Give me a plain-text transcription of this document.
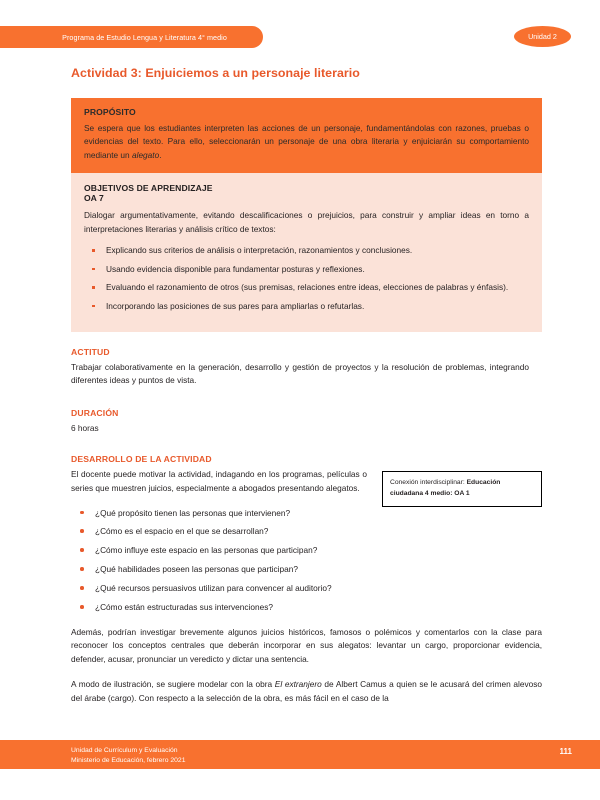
Programa de Estudio Lengua y Literatura 4° medio	Unidad 2
Actividad 3: Enjuiciemos a un personaje literario
PROPÓSITO
Se espera que los estudiantes interpreten las acciones de un personaje, fundamentándolas con razones, pruebas o evidencias del texto. Para ello, seleccionarán un personaje de una obra literaria y enjuiciarán su comportamiento mediante un alegato.
OBJETIVOS DE APRENDIZAJE
OA 7
Dialogar argumentativamente, evitando descalificaciones o prejuicios, para construir y ampliar ideas en torno a interpretaciones literarias y análisis crítico de textos:
Explicando sus criterios de análisis o interpretación, razonamientos y conclusiones.
Usando evidencia disponible para fundamentar posturas y reflexiones.
Evaluando el razonamiento de otros (sus premisas, relaciones entre ideas, elecciones de palabras y énfasis).
Incorporando las posiciones de sus pares para ampliarlas o refutarlas.
ACTITUD
Trabajar colaborativamente en la generación, desarrollo y gestión de proyectos y la resolución de problemas, integrando diferentes ideas y puntos de vista.
DURACIÓN
6 horas
DESARROLLO DE LA ACTIVIDAD
Conexión interdisciplinar: Educación ciudadana 4 medio: OA 1
El docente puede motivar la actividad, indagando en los programas, películas o series que muestren juicios, especialmente a abogados presentando alegatos.
¿Qué propósito tienen las personas que intervienen?
¿Cómo es el espacio en el que se desarrollan?
¿Cómo influye este espacio en las personas que participan?
¿Qué habilidades poseen las personas que participan?
¿Qué recursos persuasivos utilizan para convencer al auditorio?
¿Cómo están estructuradas sus intervenciones?
Además, podrían investigar brevemente algunos juicios históricos, famosos o polémicos y comentarlos con la clase para reconocer los conceptos centrales que deberán incorporar en sus alegatos: levantar un cargo, proporcionar evidencia, defender, acusar, pronunciar un veredicto y dictar una sentencia.
A modo de ilustración, se sugiere modelar con la obra El extranjero de Albert Camus a quien se le acusará del crimen alevoso del árabe (cargo). Con respecto a la selección de la obra, es más fácil en el caso de la
Unidad de Currículum y Evaluación
Ministerio de Educación, febrero 2021
111
